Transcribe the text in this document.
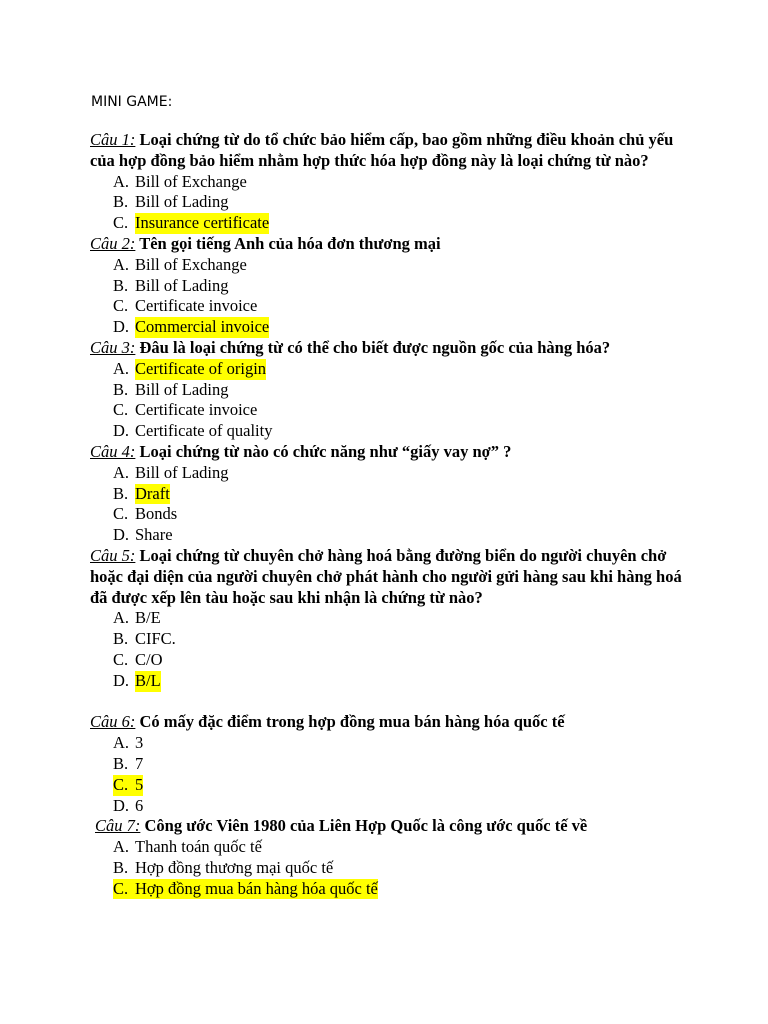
MINI GAME:

Câu 1: Loại chứng từ do tổ chức bảo hiểm cấp, bao gồm những điều khoản chủ yếu của hợp đồng bảo hiểm nhằm hợp thức hóa hợp đồng này là loại chứng từ nào?

A. Bill of Exchange
B. Bill of Lading
C. Insurance certificate

Câu 2: Tên gọi tiếng Anh của hóa đơn thương mại

A. Bill of Exchange
B. Bill of Lading
C. Certificate invoice
D. Commercial invoice

Câu 3: Đâu là loại chứng từ có thể cho biết được nguồn gốc của hàng hóa?

A. Certificate of origin
B. Bill of Lading
C. Certificate invoice
D. Certificate of quality

Câu 4: Loại chứng từ nào có chức năng như “giấy vay nợ” ?

A. Bill of Lading
B. Draft
C. Bonds
D. Share

Câu 5: Loại chứng từ chuyên chở hàng hoá bằng đường biển do người chuyên chở hoặc đại diện của người chuyên chở phát hành cho người gửi hàng sau khi hàng hoá đã được xếp lên tàu hoặc sau khi nhận là chứng từ nào?

A. B/E
B. CIFC.
C. C/O
D. B/L

Câu 6: Có mấy đặc điểm trong hợp đồng mua bán hàng hóa quốc tế

A. 3
B. 7
C. 5
D. 6

Câu 7: Công ước Viên 1980 của Liên Hợp Quốc là công ước quốc tế về

A. Thanh toán quốc tế
B. Hợp đồng thương mại quốc tế
C. Hợp đồng mua bán hàng hóa quốc tế
